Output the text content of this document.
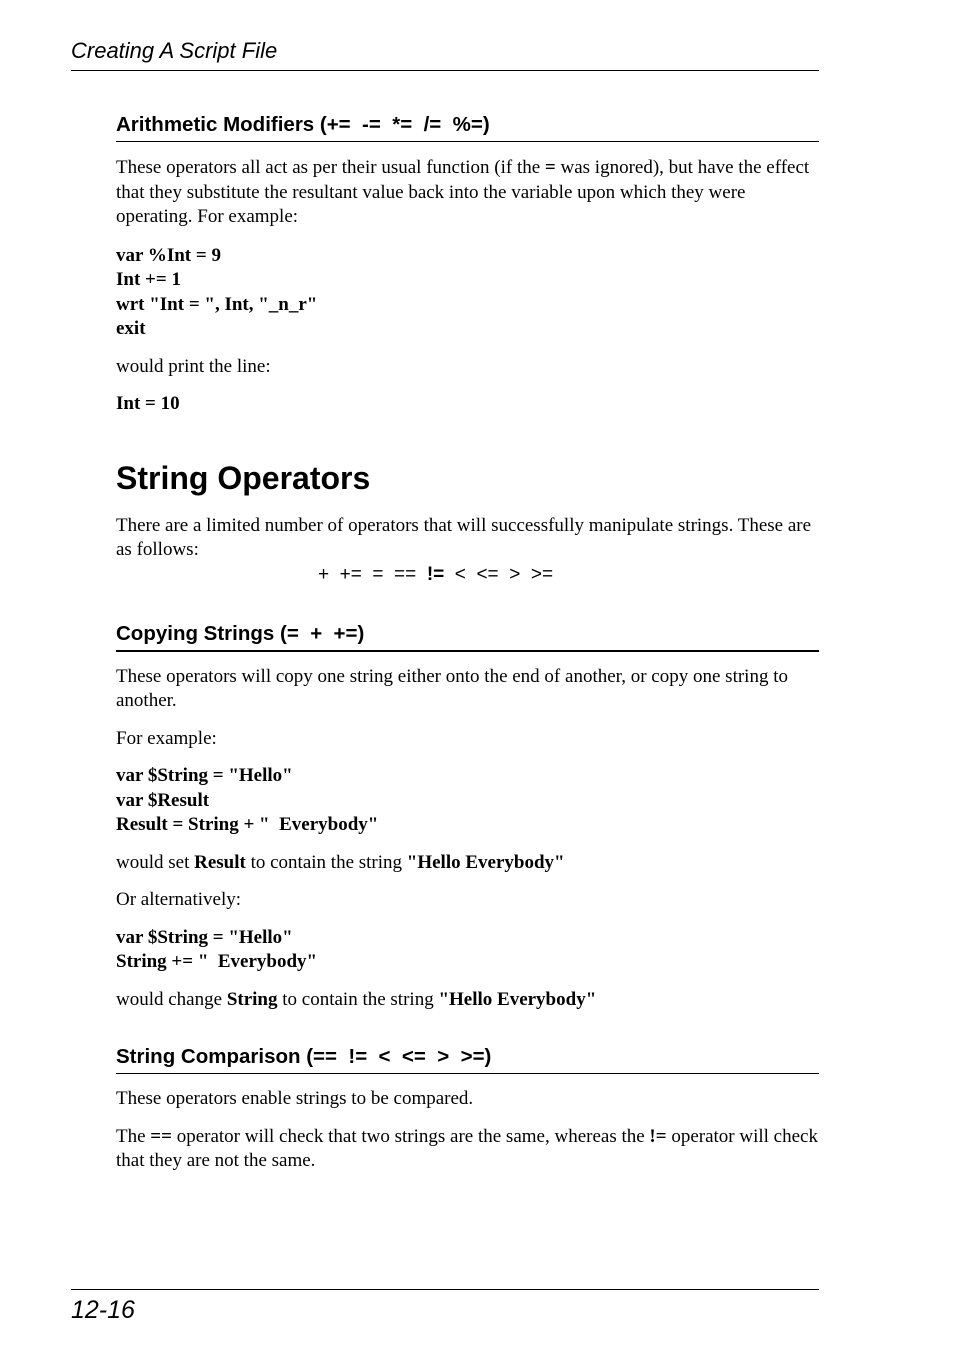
Creating A Script File
Arithmetic Modifiers (+=  -=  *=  /=  %=)

These operators all act as per their usual function (if the = was ignored), but have the effect that they substitute the resultant value back into the variable upon which they were operating. For example:

var %Int = 9
Int += 1
wrt "Int = ", Int, "_n_r"
exit

would print the line:

Int = 10
String Operators

There are a limited number of operators that will successfully manipulate strings. These are as follows:

+  +=  =  ==  !=  <  <=  >  >=
Copying Strings (=  +  +=)

These operators will copy one string either onto the end of another, or copy one string to another.

For example:

var $String = "Hello"
var $Result
Result = String + "  Everybody"

would set Result to contain the string "Hello Everybody"

Or alternatively:

var $String = "Hello"
String += "  Everybody"

would change String to contain the string "Hello Everybody"

String Comparison (==  !=  <  <=  >  >=)

These operators enable strings to be compared.

The == operator will check that two strings are the same, whereas the != operator will check that they are not the same.

12-16
